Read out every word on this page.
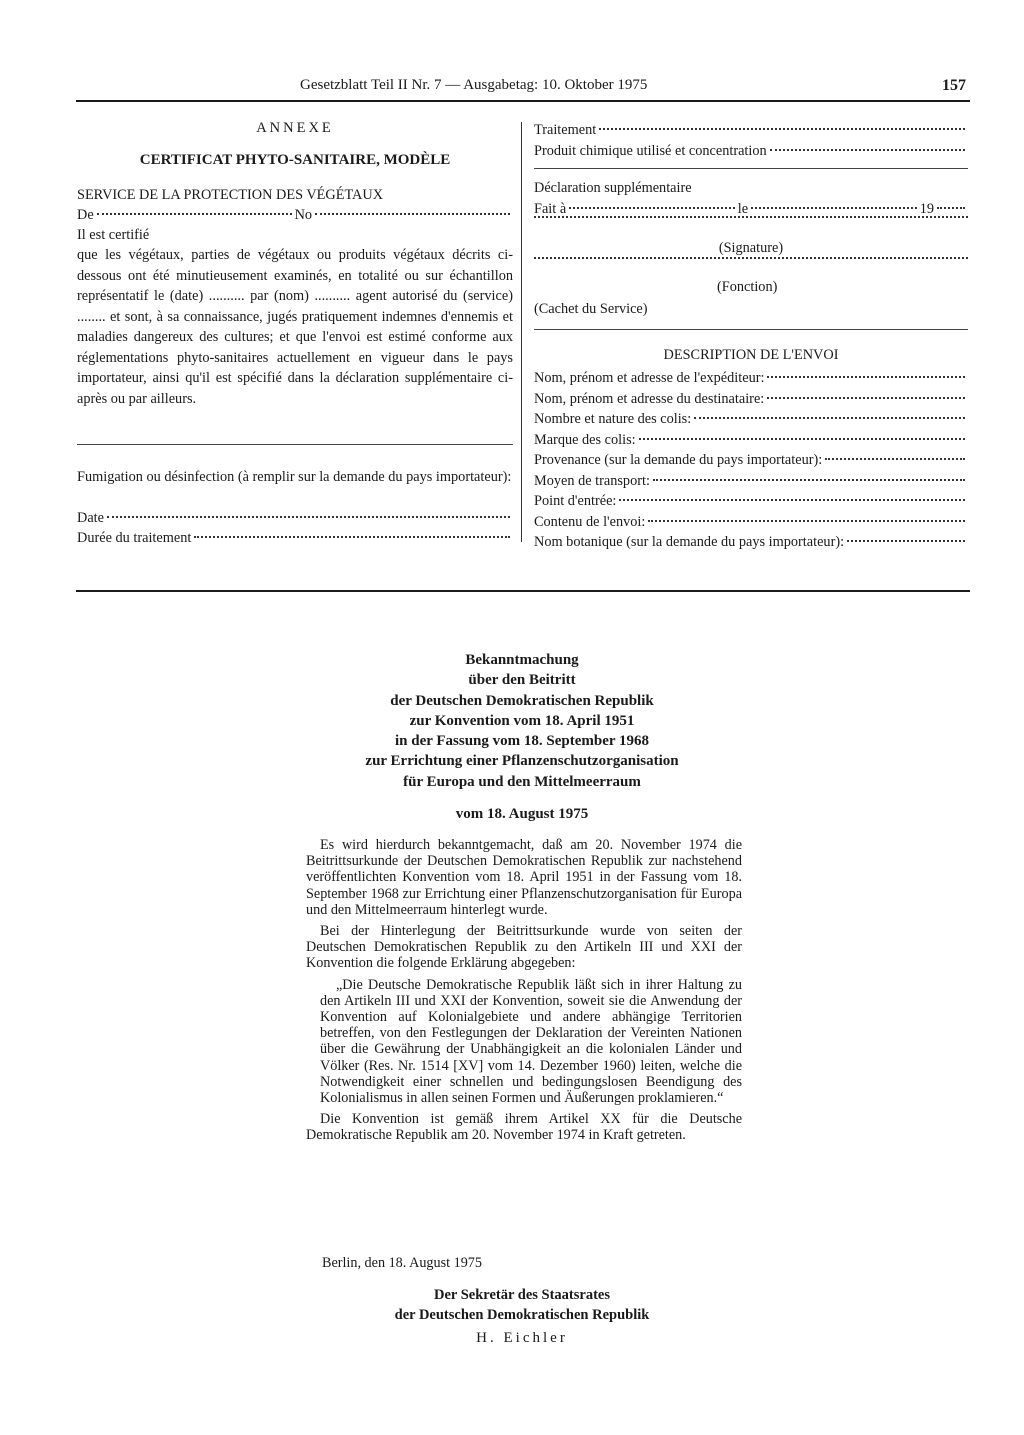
Gesetzblatt Teil II Nr. 7 — Ausgabetag: 10. Oktober 1975	157
ANNEXE
CERTIFICAT PHYTO-SANITAIRE, MODÈLE
SERVICE DE LA PROTECTION DES VÉGÉTAUX
De	No
Il est certifié
que les végétaux, parties de végétaux ou produits végétaux décrits ci-dessous ont été minutieusement examinés, en totalité ou sur échantillon représentatif le (date) .......... par (nom) .......... agent autorisé du (service) ........ et sont, à sa connaissance, jugés pratiquement indemnes d'ennemis et maladies dangereux des cultures; et que l'envoi est estimé conforme aux réglementations phyto-sanitaires actuellement en vigueur dans le pays importateur, ainsi qu'il est spécifié dans la déclaration supplémentaire ci-après ou par ailleurs.
Fumigation ou désinfection (à remplir sur la demande du pays importateur):
Date
Durée du traitement
Traitement
Produit chimique utilisé et concentration
Déclaration supplémentaire
Fait à	le	19
(Signature)
(Fonction)
(Cachet du Service)
DESCRIPTION DE L'ENVOI
Nom, prénom et adresse de l'expéditeur:
Nom, prénom et adresse du destinataire:
Nombre et nature des colis:
Marque des colis:
Provenance (sur la demande du pays importateur):
Moyen de transport:
Point d'entrée:
Contenu de l'envoi:
Nom botanique (sur la demande du pays importateur):
Bekanntmachung
über den Beitritt
der Deutschen Demokratischen Republik
zur Konvention vom 18. April 1951
in der Fassung vom 18. September 1968
zur Errichtung einer Pflanzenschutzorganisation
für Europa und den Mittelmeerraum
vom 18. August 1975

Es wird hierdurch bekanntgemacht, daß am 20. November 1974 die Beitrittsurkunde der Deutschen Demokratischen Republik zur nachstehend veröffentlichten Konvention vom 18. April 1951 in der Fassung vom 18. September 1968 zur Errichtung einer Pflanzenschutzorganisation für Europa und den Mittelmeerraum hinterlegt wurde.

Bei der Hinterlegung der Beitrittsurkunde wurde von seiten der Deutschen Demokratischen Republik zu den Artikeln III und XXI der Konvention die folgende Erklärung abgegeben:

„Die Deutsche Demokratische Republik läßt sich in ihrer Haltung zu den Artikeln III und XXI der Konvention, soweit sie die Anwendung der Konvention auf Kolonialgebiete und andere abhängige Territorien betreffen, von den Festlegungen der Deklaration der Vereinten Nationen über die Gewährung der Unabhängigkeit an die kolonialen Länder und Völker (Res. Nr. 1514 [XV] vom 14. Dezember 1960) leiten, welche die Notwendigkeit einer schnellen und bedingungslosen Beendigung des Kolonialismus in allen seinen Formen und Äußerungen proklamieren.“

Die Konvention ist gemäß ihrem Artikel XX für die Deutsche Demokratische Republik am 20. November 1974 in Kraft getreten.

Berlin, den 18. August 1975
Der Sekretär des Staatsrates
der Deutschen Demokratischen Republik
H. Eichler
